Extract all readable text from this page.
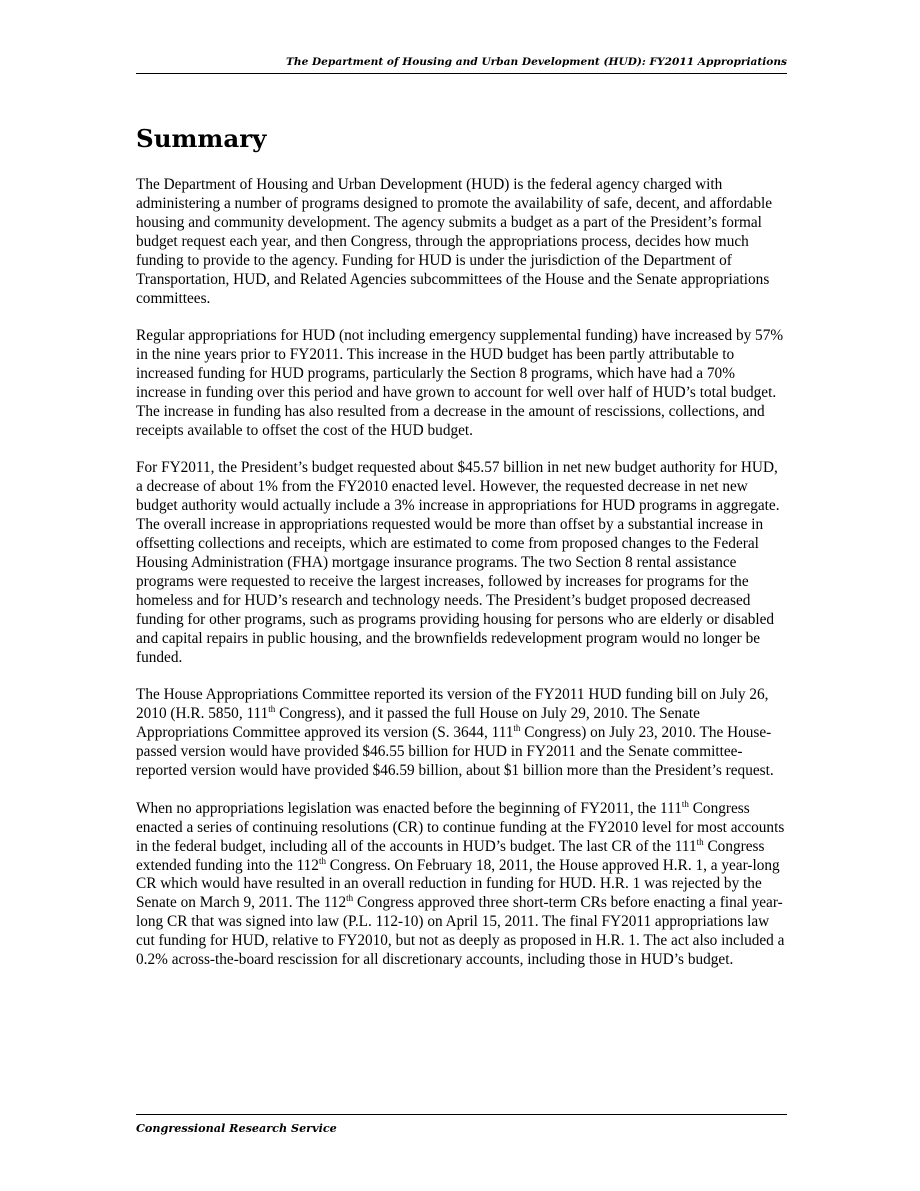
The Department of Housing and Urban Development (HUD): FY2011 Appropriations
Summary

The Department of Housing and Urban Development (HUD) is the federal agency charged with administering a number of programs designed to promote the availability of safe, decent, and affordable housing and community development. The agency submits a budget as a part of the President’s formal budget request each year, and then Congress, through the appropriations process, decides how much funding to provide to the agency. Funding for HUD is under the jurisdiction of the Department of Transportation, HUD, and Related Agencies subcommittees of the House and the Senate appropriations committees.

Regular appropriations for HUD (not including emergency supplemental funding) have increased by 57% in the nine years prior to FY2011. This increase in the HUD budget has been partly attributable to increased funding for HUD programs, particularly the Section 8 programs, which have had a 70% increase in funding over this period and have grown to account for well over half of HUD’s total budget. The increase in funding has also resulted from a decrease in the amount of rescissions, collections, and receipts available to offset the cost of the HUD budget.

For FY2011, the President’s budget requested about $45.57 billion in net new budget authority for HUD, a decrease of about 1% from the FY2010 enacted level. However, the requested decrease in net new budget authority would actually include a 3% increase in appropriations for HUD programs in aggregate. The overall increase in appropriations requested would be more than offset by a substantial increase in offsetting collections and receipts, which are estimated to come from proposed changes to the Federal Housing Administration (FHA) mortgage insurance programs. The two Section 8 rental assistance programs were requested to receive the largest increases, followed by increases for programs for the homeless and for HUD’s research and technology needs. The President’s budget proposed decreased funding for other programs, such as programs providing housing for persons who are elderly or disabled and capital repairs in public housing, and the brownfields redevelopment program would no longer be funded.

The House Appropriations Committee reported its version of the FY2011 HUD funding bill on July 26, 2010 (H.R. 5850, 111th Congress), and it passed the full House on July 29, 2010. The Senate Appropriations Committee approved its version (S. 3644, 111th Congress) on July 23, 2010. The House-passed version would have provided $46.55 billion for HUD in FY2011 and the Senate committee-reported version would have provided $46.59 billion, about $1 billion more than the President’s request.

When no appropriations legislation was enacted before the beginning of FY2011, the 111th Congress enacted a series of continuing resolutions (CR) to continue funding at the FY2010 level for most accounts in the federal budget, including all of the accounts in HUD’s budget. The last CR of the 111th Congress extended funding into the 112th Congress. On February 18, 2011, the House approved H.R. 1, a year-long CR which would have resulted in an overall reduction in funding for HUD. H.R. 1 was rejected by the Senate on March 9, 2011. The 112th Congress approved three short-term CRs before enacting a final year-long CR that was signed into law (P.L. 112-10) on April 15, 2011. The final FY2011 appropriations law cut funding for HUD, relative to FY2010, but not as deeply as proposed in H.R. 1. The act also included a 0.2% across-the-board rescission for all discretionary accounts, including those in HUD’s budget.

Congressional Research Service
